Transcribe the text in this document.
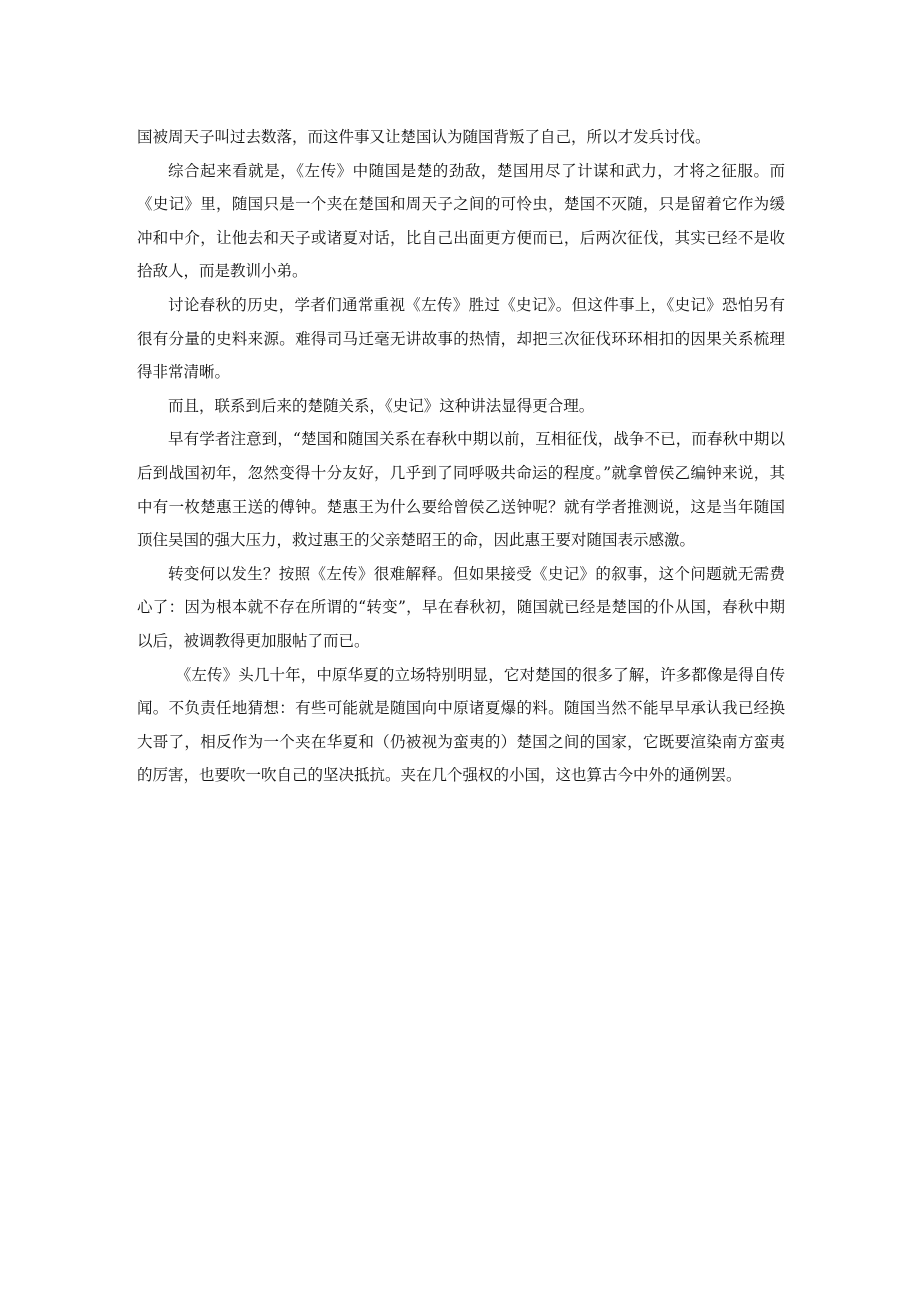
国被周天子叫过去数落，而这件事又让楚国认为随国背叛了自己，所以才发兵讨伐。

综合起来看就是，《左传》中随国是楚的劲敌，楚国用尽了计谋和武力，才将之征服。而《史记》里，随国只是一个夹在楚国和周天子之间的可怜虫，楚国不灭随，只是留着它作为缓冲和中介，让他去和天子或诸夏对话，比自己出面更方便而已，后两次征伐，其实已经不是收拾敌人，而是教训小弟。

讨论春秋的历史，学者们通常重视《左传》胜过《史记》。但这件事上，《史记》恐怕另有很有分量的史料来源。难得司马迁毫无讲故事的热情，却把三次征伐环环相扣的因果关系梳理得非常清晰。

而且，联系到后来的楚随关系，《史记》这种讲法显得更合理。

早有学者注意到，“楚国和随国关系在春秋中期以前，互相征伐，战争不已，而春秋中期以后到战国初年，忽然变得十分友好，几乎到了同呼吸共命运的程度。”就拿曾侯乙编钟来说，其中有一枚楚惠王送的傅钟。楚惠王为什么要给曾侯乙送钟呢？就有学者推测说，这是当年随国顶住吴国的强大压力，救过惠王的父亲楚昭王的命，因此惠王要对随国表示感激。

转变何以发生？按照《左传》很难解释。但如果接受《史记》的叙事，这个问题就无需费心了：因为根本就不存在所谓的“转变”，早在春秋初，随国就已经是楚国的仆从国，春秋中期以后，被调教得更加服帖了而已。

《左传》头几十年，中原华夏的立场特别明显，它对楚国的很多了解，许多都像是得自传闻。不负责任地猜想：有些可能就是随国向中原诸夏爆的料。随国当然不能早早承认我已经换大哥了，相反作为一个夹在华夏和（仍被视为蛮夷的）楚国之间的国家，它既要渲染南方蛮夷的厉害，也要吹一吹自己的坚决抵抗。夹在几个强权的小国，这也算古今中外的通例罢。
